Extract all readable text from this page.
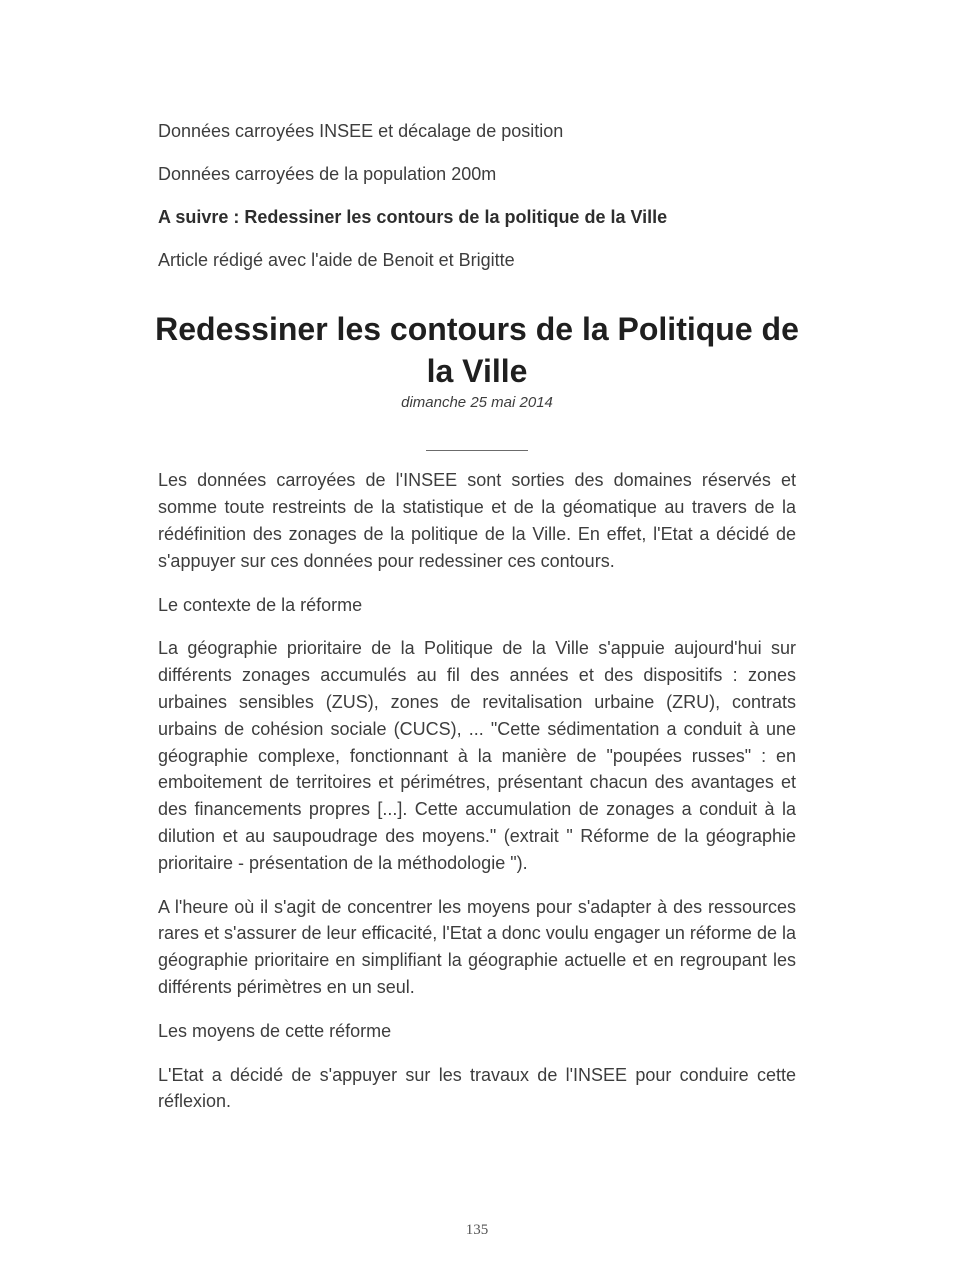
Données carroyées INSEE et décalage de position

Données carroyées de la population 200m

A suivre : Redessiner les contours de la politique de la Ville

Article rédigé avec l'aide de Benoit et Brigitte

Redessiner les contours de la Politique de la Ville
dimanche 25 mai 2014

Les données carroyées de l'INSEE sont sorties des domaines réservés et somme toute restreints de la statistique et de la géomatique au travers de la rédéfinition des zonages de la politique de la Ville. En effet, l'Etat a décidé de s'appuyer sur ces données pour redessiner ces contours.

Le contexte de la réforme

La géographie prioritaire de la Politique de la Ville s'appuie aujourd'hui sur différents zonages accumulés au fil des années et des dispositifs : zones urbaines sensibles (ZUS), zones de revitalisation urbaine (ZRU), contrats urbains de cohésion sociale (CUCS), ... "Cette sédimentation a conduit à une géographie complexe, fonctionnant à la manière de "poupées russes" : en emboitement de territoires et périmétres, présentant chacun des avantages et des financements propres [...]. Cette accumulation de zonages a conduit à la dilution et au saupoudrage des moyens." (extrait " Réforme de la géographie prioritaire - présentation de la méthodologie ").

A l'heure où il s'agit de concentrer les moyens pour s'adapter à des ressources rares et s'assurer de leur efficacité, l'Etat a donc voulu engager un réforme de la géographie prioritaire en simplifiant la géographie actuelle et en regroupant les différents périmètres en un seul.

Les moyens de cette réforme

L'Etat a décidé de s'appuyer sur les travaux de l'INSEE pour conduire cette réflexion.

135
